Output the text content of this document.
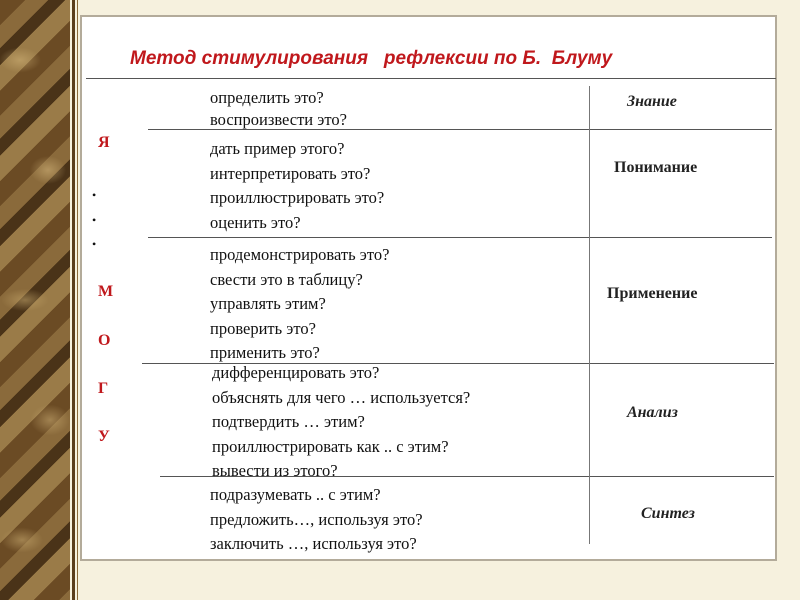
Метод стимулирования   рефлексии по Б.  Блуму
Я
•
•
•
М
О
Г
У
определить это?
воспроизвести это?
Знание
дать пример этого?
интерпретировать это?
проиллюстрировать это?
оценить это?
Понимание
продемонстрировать это?
свести это в таблицу?
управлять этим?
проверить это?
применить это?
Применение
дифференцировать это?
объяснять для чего … используется?
подтвердить … этим?
проиллюстрировать как .. с этим?
вывести из этого?
Анализ
подразумевать .. с этим?
предложить…, используя это?
заключить …, используя это?
Синтез
